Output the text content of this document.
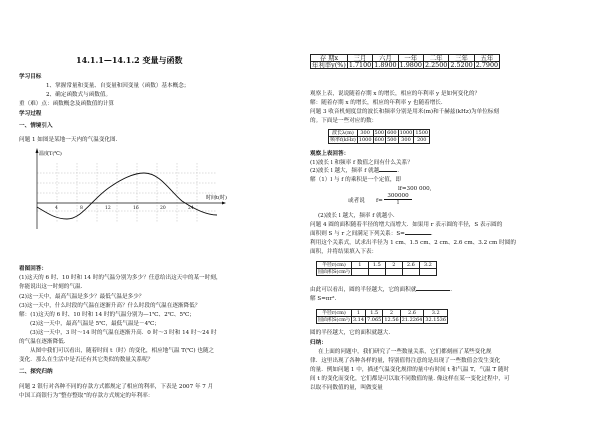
14.1.1—14.1.2 变量与函数
学习目标
1、掌握常量和变量、自变量和因变量（函数）基本概念；
2、确定函数式与函数值。
重（难）点：函数概念及函数值的计算
学习过程
一、情境引入
问题 1 如图是某地一天内的气温变化图.
温度T(℃)
时间t(时)
4	8	12	16	20	24
看图回答：
(1)这天的 6 时、10 时和 14 时的气温分别为多少？任意给出这天中的某一时刻，
你能说出这一时刻的气温.
(2)这一天中，最高气温是多少？最低气温是多少？
(3)这一天中，什么时段的气温在逐渐升高？什么时段的气温在逐渐降低？
解：(1)这天的 6 时、10 时和 14 时的气温分别为—1℃、2℃、5℃；
(2)这一天中，最高气温是 5℃，最低气温是－4℃；
(3)这一天中，3 时～14 时的气温在逐渐升高．0 时～3 时和 14 时～24 时
的气温在逐渐降低．
从图中我们可以看出，随着时间 t（时）的变化，相应地气温 T(℃) 也随之
变化．那么在生活中是否还有其它类似的数量关系呢？
二、探究归纳
问题 2 银行对各种不同的存款方式都规定了相应的利率，下表是 2007 年 7 月
中国工商银行为“整存整取”的存款方式规定的年利率：
存 期x	三月	六月	一年	二年	三年	五年
年利率y(%)	1.7100	1.8900	1.9800	2.2500	2.5200	2.7900
观察上表，说说随着存期 x 的增长，相应的年利率 y 是如何变化的？
解：随着存期 x 的增长，相应的年利率 y 也随着增长.
问题 3 收音机刻度盘的波长和频率分别是用米(m)和千赫兹(kHz)为单位标刻
的。下面是一些对应的数：
波长λ(m)	300	500	600	1000	1500
频率f(kHz)	1000	600	500	300	200
观察上表回答：
(1)波长 l 和频率 f 数值之间有什么关系？
(2)波长 l 越大，频率 f 就越	.
解（1）l 与 f 的乘积是一个定值，即
lf=300 000,
或者说 f=
300000
l
(2)波长 l 越大，频率 f 就越小.
问题 4 圆的面积随着半径的增大而增大．如果用 r 表示圆的半径，S 表示圆的
面积则 S 与 r 之间满足下列关系：S=	.
利用这个关系式，试求出半径为 1 cm、1.5 cm、2 cm、2.6 cm、3.2 cm 时圆的
面积，并将结果填入下表：
半径r(cm)	1	1.5	2	2.6	3.2
圆面积S(cm²)					
由此可以看出，圆的半径越大，它的面积就	.
解 S=πr².
半径r(cm)	1	1.5	2	2.6	3.2
圆面积S(cm²)	3.14	7.065	12.56	21.2264	32.1536
圆的半径越大，它的面积就越大.
归纳：
在上面的问题中，我们研究了一些数量关系，它们都刻画了某些变化规
律．这里出现了各种各样的量，特别值得注意的是出现了一些数值会发生变化
的量．例如问题 1 中，描述气温变化规律的量中有时间 t 和气温 T，气温 T 随时
间 t 的变化而变化，它们都是可以取不同数值的量. 像这样在某一变化过程中，可
以取不同数值的量，叫做变量
